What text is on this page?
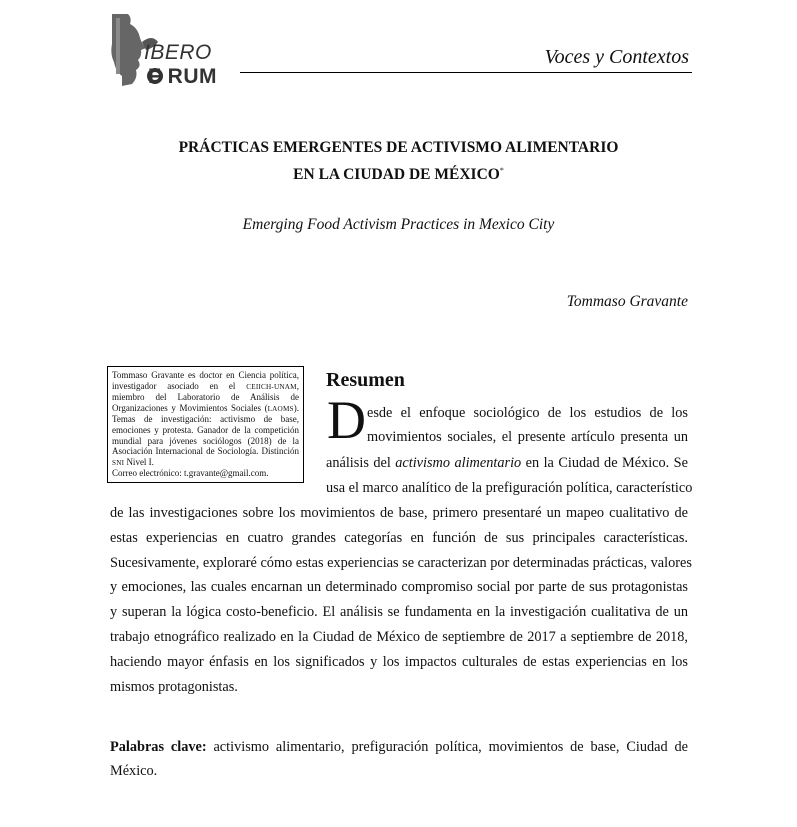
IBERO
F RUM
Voces y Contextos
PRÁCTICAS EMERGENTES DE ACTIVISMO ALIMENTARIO
EN LA CIUDAD DE MÉXICO*
Emerging Food Activism Practices in Mexico City
Tommaso Gravante
Tommaso Gravante es doctor en Ciencia política,
investigador asociado en el CEIICH-UNAM,
miembro del Laboratorio de Análisis de
Organizaciones y Movimientos Sociales (LAOMS).
Temas de investigación: activismo de base,
emociones y protesta. Ganador de la competición
mundial para jóvenes sociólogos (2018) de la
Asociación Internacional de Sociología. Distinción
SNI Nivel I.
Correo electrónico: t.gravante@gmail.com.
Resumen
D esde el enfoque sociológico de los estudios de los
movimientos sociales, el presente artículo presenta un
análisis del activismo alimentario en la Ciudad de México. Se
usa el marco analítico de la prefiguración política, característico
de las investigaciones sobre los movimientos de base, primero presentaré un mapeo cualitativo de
estas experiencias en cuatro grandes categorías en función de sus principales características.
Sucesivamente, exploraré cómo estas experiencias se caracterizan por determinadas prácticas, valores
y emociones, las cuales encarnan un determinado compromiso social por parte de sus protagonistas
y superan la lógica costo-beneficio. El análisis se fundamenta en la investigación cualitativa de un
trabajo etnográfico realizado en la Ciudad de México de septiembre de 2017 a septiembre de 2018,
haciendo mayor énfasis en los significados y los impactos culturales de estas experiencias en los
mismos protagonistas.
Palabras clave: activismo alimentario, prefiguración política, movimientos de base, Ciudad de México.
